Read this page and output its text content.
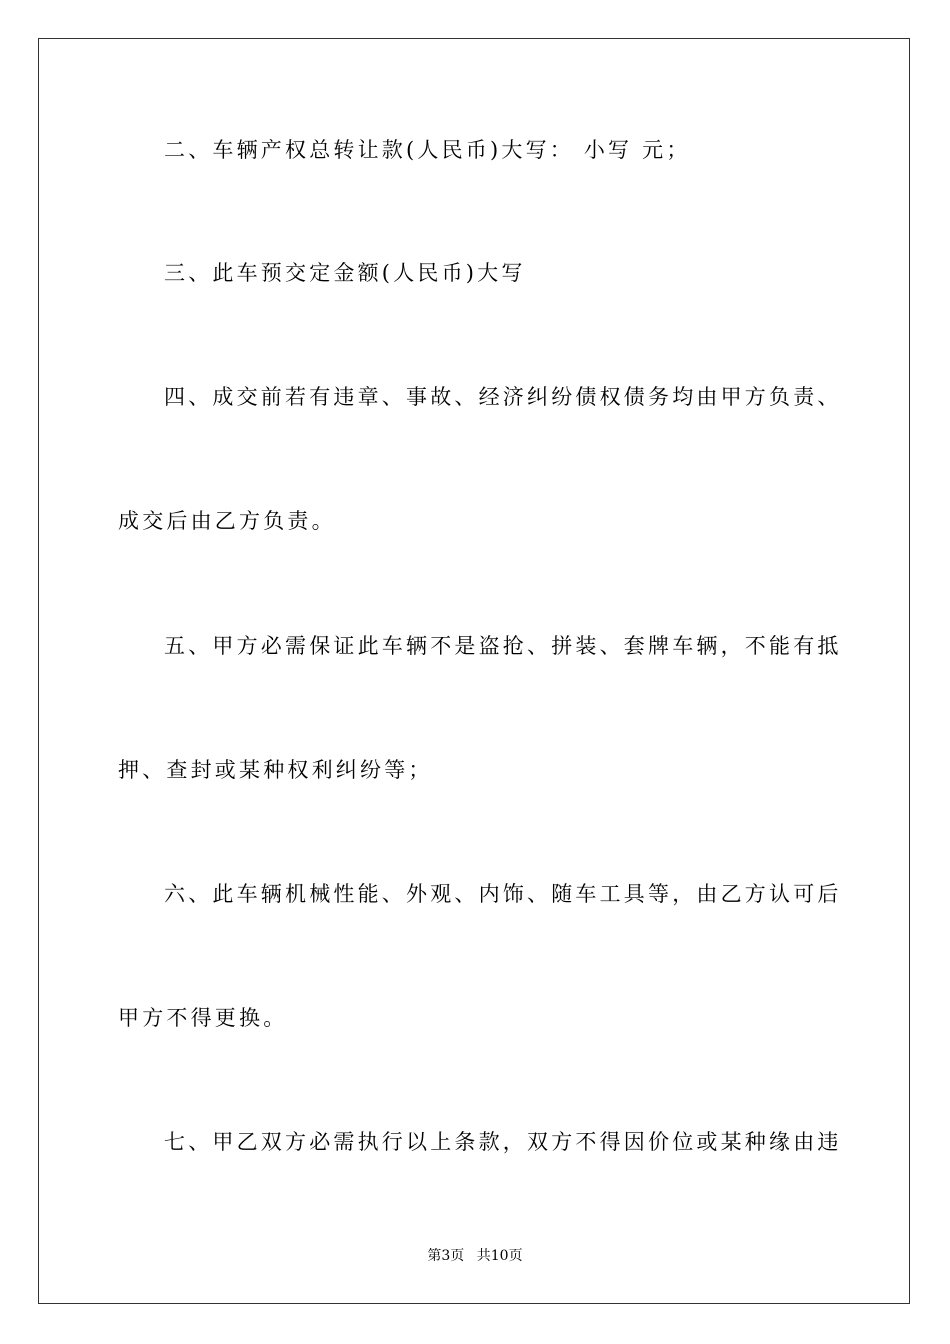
二、车辆产权总转让款(人民币)大写： 小写 元；
三、此车预交定金额(人民币)大写
四、成交前若有违章、事故、经济纠纷债权债务均由甲方负责、
成交后由乙方负责。
五、甲方必需保证此车辆不是盗抢、拼装、套牌车辆，不能有抵
押、查封或某种权利纠纷等；
六、此车辆机械性能、外观、内饰、随车工具等，由乙方认可后
甲方不得更换。
七、甲乙双方必需执行以上条款，双方不得因价位或某种缘由违
第3页 共10页
